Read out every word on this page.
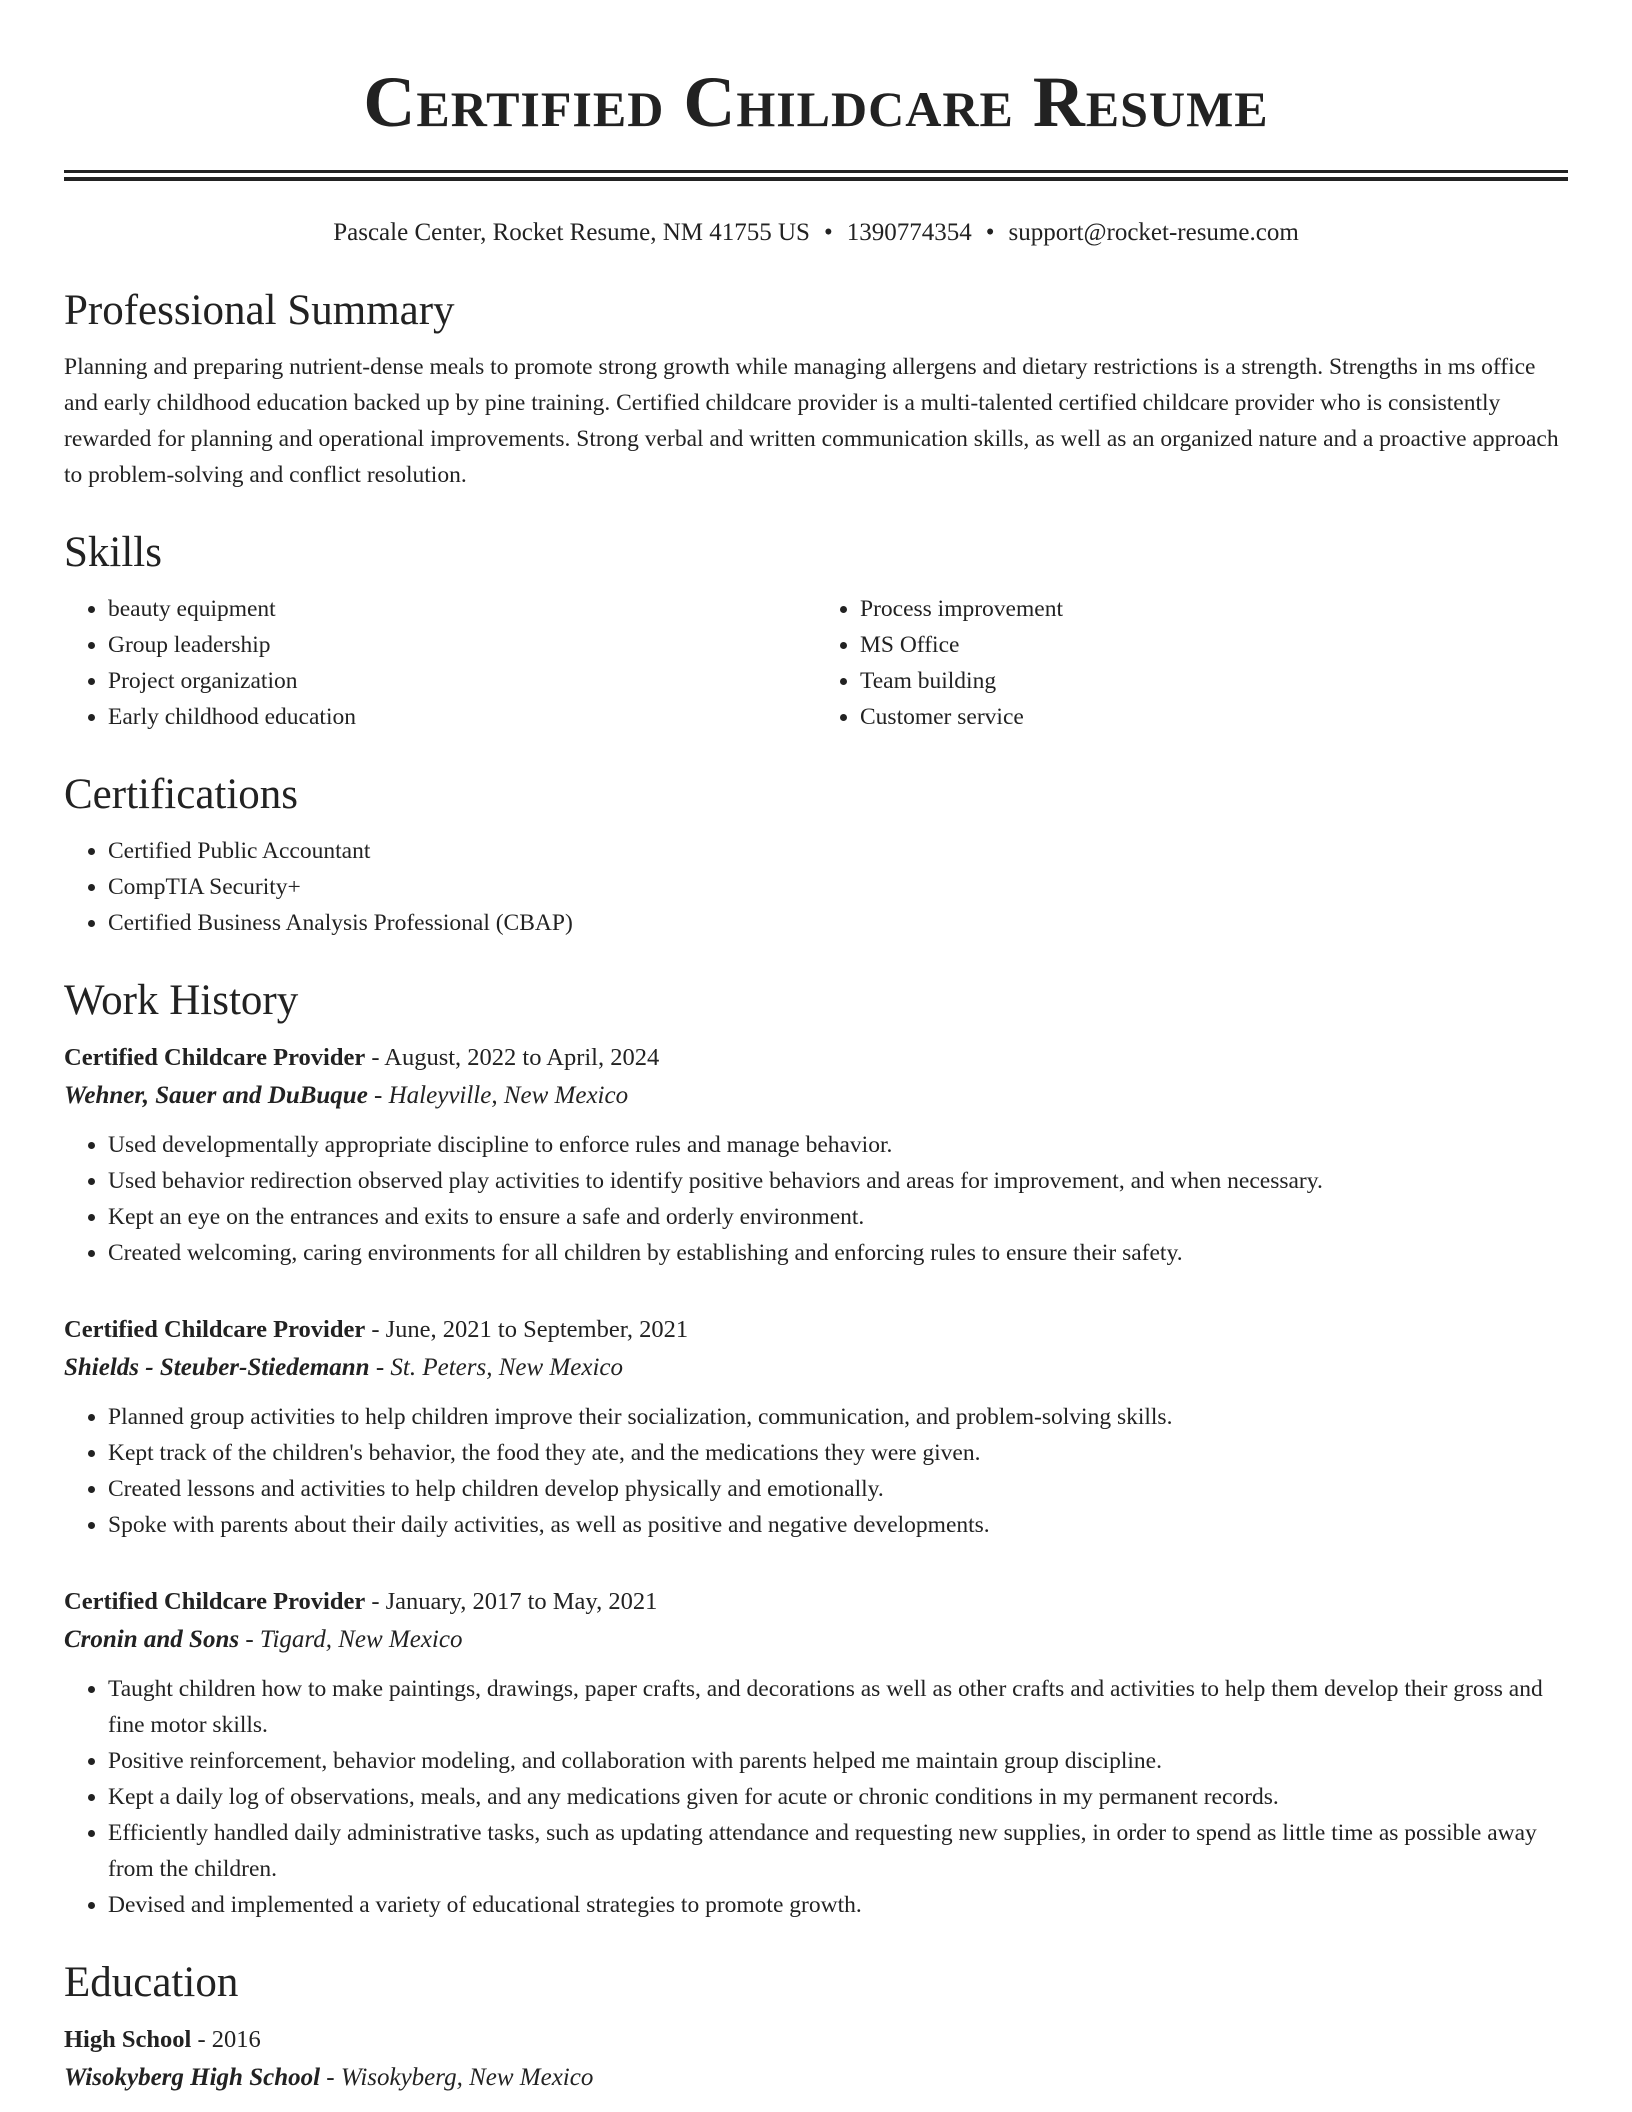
Certified Childcare Resume
Pascale Center, Rocket Resume, NM 41755 US • 1390774354 • support@rocket-resume.com
Professional Summary

Planning and preparing nutrient-dense meals to promote strong growth while managing allergens and dietary restrictions is a strength. Strengths in ms office and early childhood education backed up by pine training. Certified childcare provider is a multi-talented certified childcare provider who is consistently rewarded for planning and operational improvements. Strong verbal and written communication skills, as well as an organized nature and a proactive approach to problem-solving and conflict resolution.

Skills
• beauty equipment
• Group leadership
• Project organization
• Early childhood education
• Process improvement
• MS Office
• Team building
• Customer service
Certifications
• Certified Public Accountant
• CompTIA Security+
• Certified Business Analysis Professional (CBAP)
Work History
Certified Childcare Provider - August, 2022 to April, 2024
Wehner, Sauer and DuBuque - Haleyville, New Mexico
• Used developmentally appropriate discipline to enforce rules and manage behavior.
• Used behavior redirection observed play activities to identify positive behaviors and areas for improvement, and when necessary.
• Kept an eye on the entrances and exits to ensure a safe and orderly environment.
• Created welcoming, caring environments for all children by establishing and enforcing rules to ensure their safety.
Certified Childcare Provider - June, 2021 to September, 2021
Shields - Steuber-Stiedemann - St. Peters, New Mexico
• Planned group activities to help children improve their socialization, communication, and problem-solving skills.
• Kept track of the children's behavior, the food they ate, and the medications they were given.
• Created lessons and activities to help children develop physically and emotionally.
• Spoke with parents about their daily activities, as well as positive and negative developments.
Certified Childcare Provider - January, 2017 to May, 2021
Cronin and Sons - Tigard, New Mexico
• Taught children how to make paintings, drawings, paper crafts, and decorations as well as other crafts and activities to help them develop their gross and fine motor skills.
• Positive reinforcement, behavior modeling, and collaboration with parents helped me maintain group discipline.
• Kept a daily log of observations, meals, and any medications given for acute or chronic conditions in my permanent records.
• Efficiently handled daily administrative tasks, such as updating attendance and requesting new supplies, in order to spend as little time as possible away from the children.
• Devised and implemented a variety of educational strategies to promote growth.
Education
High School - 2016
Wisokyberg High School - Wisokyberg, New Mexico
